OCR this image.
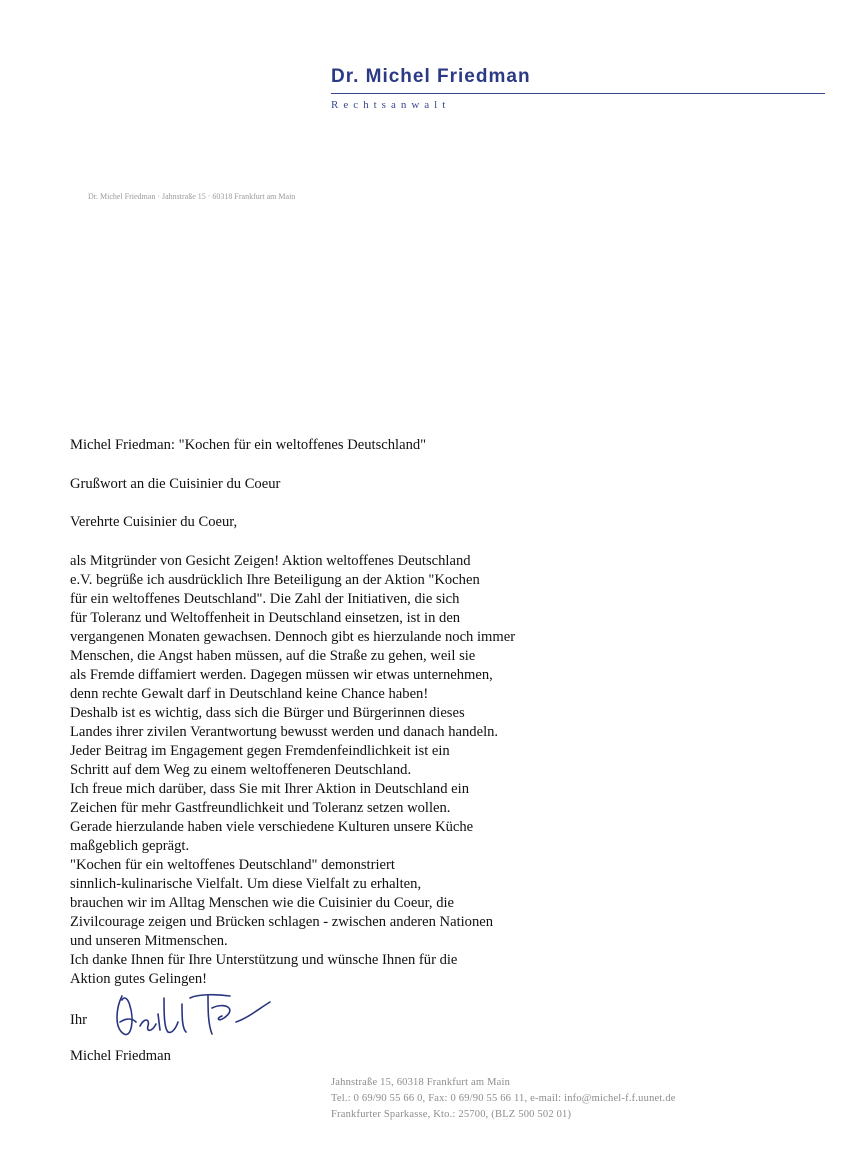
Dr. Michel Friedman
Rechtsanwalt
Dr. Michel Friedman · Jahnstraße 15 · 60318 Frankfurt am Main
Michel Friedman: "Kochen für ein weltoffenes Deutschland"
Grußwort an die Cuisinier du Coeur
Verehrte Cuisinier du Coeur,
als Mitgründer von Gesicht Zeigen! Aktion weltoffenes Deutschland
e.V. begrüße ich ausdrücklich Ihre Beteiligung an der Aktion "Kochen
für ein weltoffenes Deutschland". Die Zahl der Initiativen, die sich
für Toleranz und Weltoffenheit in Deutschland einsetzen, ist in den
vergangenen Monaten gewachsen. Dennoch gibt es hierzulande noch immer
Menschen, die Angst haben müssen, auf die Straße zu gehen, weil sie
als Fremde diffamiert werden. Dagegen müssen wir etwas unternehmen,
denn rechte Gewalt darf in Deutschland keine Chance haben!
Deshalb ist es wichtig, dass sich die Bürger und Bürgerinnen dieses
Landes ihrer zivilen Verantwortung bewusst werden und danach handeln.
Jeder Beitrag im Engagement gegen Fremdenfeindlichkeit ist ein
Schritt auf dem Weg zu einem weltoffeneren Deutschland.
Ich freue mich darüber, dass Sie mit Ihrer Aktion in Deutschland ein
Zeichen für mehr Gastfreundlichkeit und Toleranz setzen wollen.
Gerade hierzulande haben viele verschiedene Kulturen unsere Küche
maßgeblich geprägt.
"Kochen für ein weltoffenes Deutschland" demonstriert
sinnlich-kulinarische Vielfalt. Um diese Vielfalt zu erhalten,
brauchen wir im Alltag Menschen wie die Cuisinier du Coeur, die
Zivilcourage zeigen und Brücken schlagen - zwischen anderen Nationen
und unseren Mitmenschen.
Ich danke Ihnen für Ihre Unterstützung und wünsche Ihnen für die
Aktion gutes Gelingen!
Ihr
Michel Friedman
Jahnstraße 15, 60318 Frankfurt am Main
Tel.: 0 69/90 55 66 0, Fax: 0 69/90 55 66 11, e-mail: info@michel-f.f.uunet.de
Frankfurter Sparkasse, Kto.: 25700, (BLZ 500 502 01)
